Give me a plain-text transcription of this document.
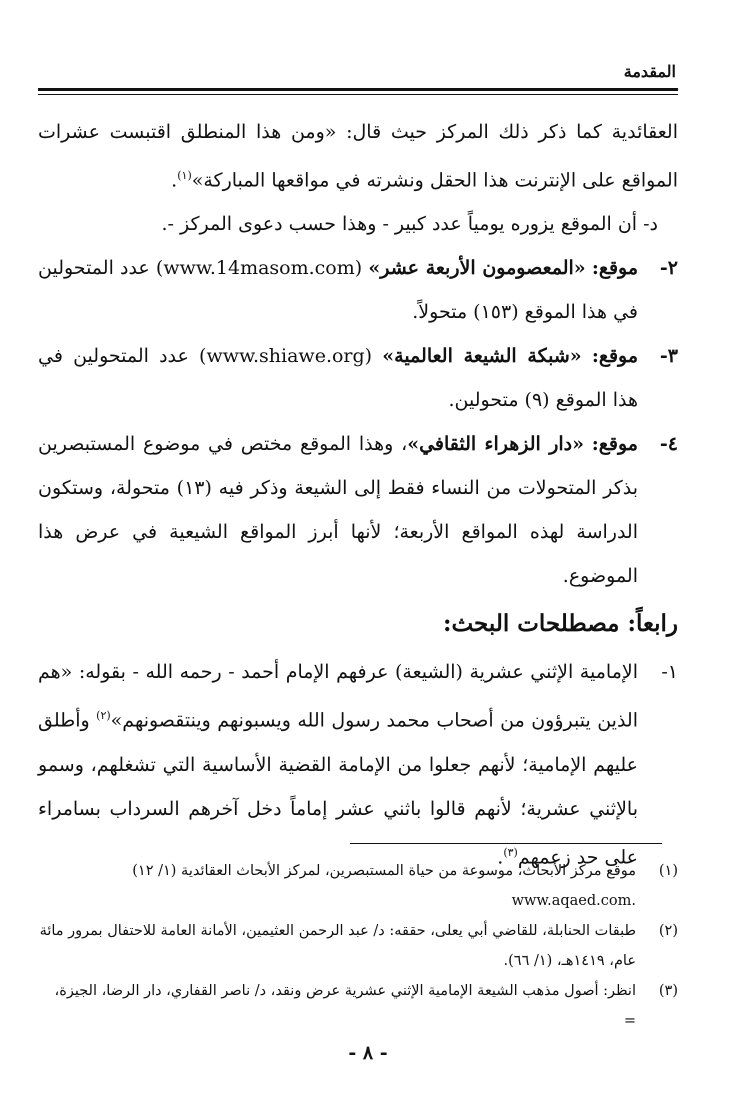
المقدمة

العقائدية كما ذكر ذلك المركز حيث قال: «ومن هذا المنطلق اقتبست عشرات المواقع على الإنترنت هذا الحقل ونشرته في مواقعها المباركة»$^{(١)}$.

د- أن الموقع يزوره يومياً عدد كبير - وهذا حسب دعوى المركز -.

٢-موقع: «المعصومون الأربعة عشر» (www.14masom.com) عدد المتحولين في هذا الموقع (١٥٣) متحولاً.

٣-موقع: «شبكة الشيعة العالمية» (www.shiawe.org) عدد المتحولين في هذا الموقع (٩) متحولين.

٤-موقع: «دار الزهراء الثقافي»، وهذا الموقع مختص في موضوع المستبصرين بذكر المتحولات من النساء فقط إلى الشيعة وذكر فيه (١٣) متحولة، وستكون الدراسة لهذه المواقع الأربعة؛ لأنها أبرز المواقع الشيعية في عرض هذا الموضوع.

رابعاً: مصطلحات البحث:

١-الإمامية الإثني عشرية (الشيعة) عرفهم الإمام أحمد - رحمه الله - بقوله: «هم الذين يتبرؤون من أصحاب محمد رسول الله ويسبونهم وينتقصونهم»$^{(٢)}$ وأطلق عليهم الإمامية؛ لأنهم جعلوا من الإمامة القضية الأساسية التي تشغلهم، وسمو بالإثني عشرية؛ لأنهم قالوا باثني عشر إماماً دخل آخرهم السرداب بسامراء على حد زعمهم$^{(٣)}$.

(١)
موقع مركز الأبحاث، موسوعة من حياة المستبصرين، لمركز الأبحاث العقائدية (١/ ١٢)
www.aqaed.com.
(٢)
طبقات الحنابلة، للقاضي أبي يعلى، حققه: د/ عبد الرحمن العثيمين، الأمانة العامة للاحتفال بمرور مائة عام، ١٤١٩هـ، (١/ ٦٦).
(٣)
انظر: أصول مذهب الشيعة الإمامية الإثني عشرية عرض ونقد، د/ ناصر القفاري، دار الرضا، الجيزة، =
- ٨ -
